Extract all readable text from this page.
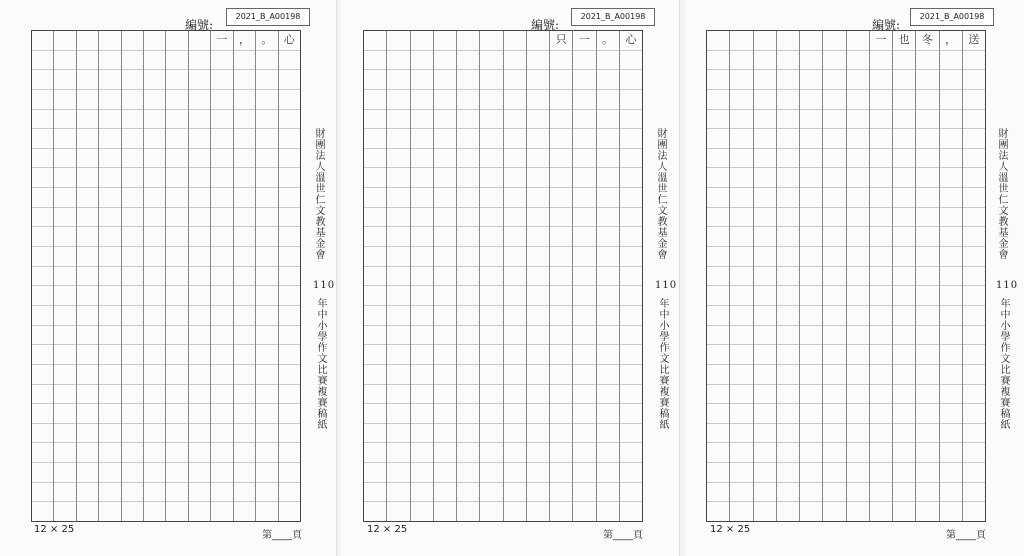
編號:
2021_B_A00198
心
。
，
一
財團法人溫世仁文教基金會
110
年中小學作文比賽複賽稿紙
12 × 25
第____頁
編號:
2021_B_A00198
心
。
一
只
財團法人溫世仁文教基金會
110
年中小學作文比賽複賽稿紙
12 × 25
第____頁
編號:
2021_B_A00198
送
，
冬
也
一
財團法人溫世仁文教基金會
110
年中小學作文比賽複賽稿紙
12 × 25
第____頁
